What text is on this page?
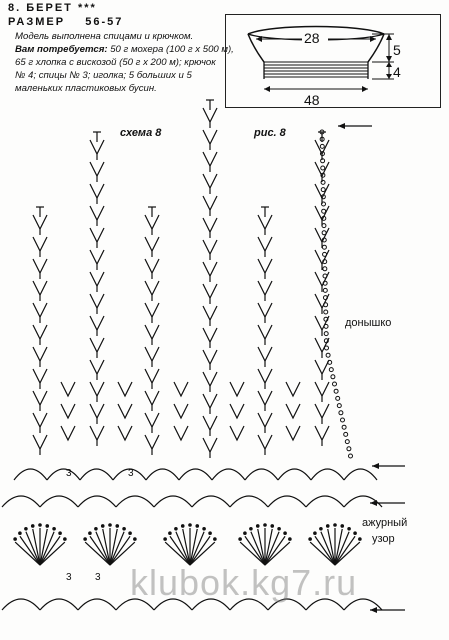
8. БЕРЕТ ***
РАЗМЕР 56-57
Модель выполнена спицами и крючком.
Вам потребуется: 50 г мохера (100 г x 500 м),
65 г хлопка с вискозой (50 г x 200 м); крючок
№ 4; спицы № 3; иголка; 5 больших и 5
маленьких пластиковых бусин.
28
48
5
4
3	3
3 3
схема 8	рис. 8
донышко
ажурный
узор
klubok.kg7.ru
